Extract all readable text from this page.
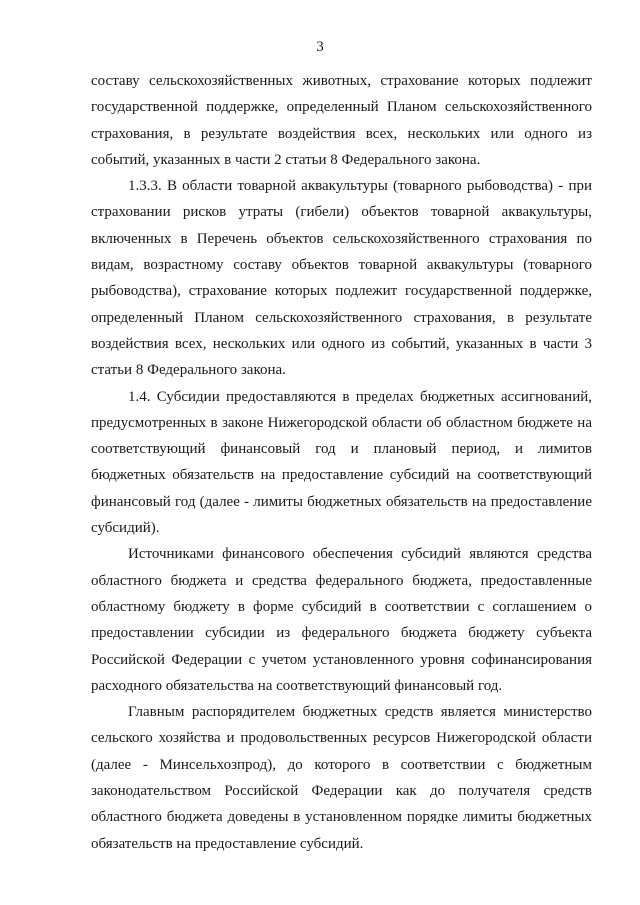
3
составу сельскохозяйственных животных, страхование которых подлежит
государственной поддержке, определенный Планом сельскохозяйственного
страхования, в результате воздействия всех, нескольких или одного из
событий, указанных в части 2 статьи 8 Федерального закона.
1.3.3. В области товарной аквакультуры (товарного рыбоводства) - при
страховании рисков утраты (гибели) объектов товарной аквакультуры,
включенных в Перечень объектов сельскохозяйственного страхования по
видам, возрастному составу объектов товарной аквакультуры (товарного
рыбоводства), страхование которых подлежит государственной поддержке,
определенный Планом сельскохозяйственного страхования, в результате
воздействия всех, нескольких или одного из событий, указанных в части 3
статьи 8 Федерального закона.
1.4. Субсидии предоставляются в пределах бюджетных ассигнований,
предусмотренных в законе Нижегородской области об областном бюджете на
соответствующий финансовый год и плановый период, и лимитов
бюджетных обязательств на предоставление субсидий на соответствующий
финансовый год (далее - лимиты бюджетных обязательств на предоставление
субсидий).
Источниками финансового обеспечения субсидий являются средства
областного бюджета и средства федерального бюджета, предоставленные
областному бюджету в форме субсидий в соответствии с соглашением о
предоставлении субсидии из федерального бюджета бюджету субъекта
Российской Федерации с учетом установленного уровня софинансирования
расходного обязательства на соответствующий финансовый год.
Главным распорядителем бюджетных средств является министерство
сельского хозяйства и продовольственных ресурсов Нижегородской области
(далее - Минсельхозпрод), до которого в соответствии с бюджетным
законодательством Российской Федерации как до получателя средств
областного бюджета доведены в установленном порядке лимиты бюджетных
обязательств на предоставление субсидий.
